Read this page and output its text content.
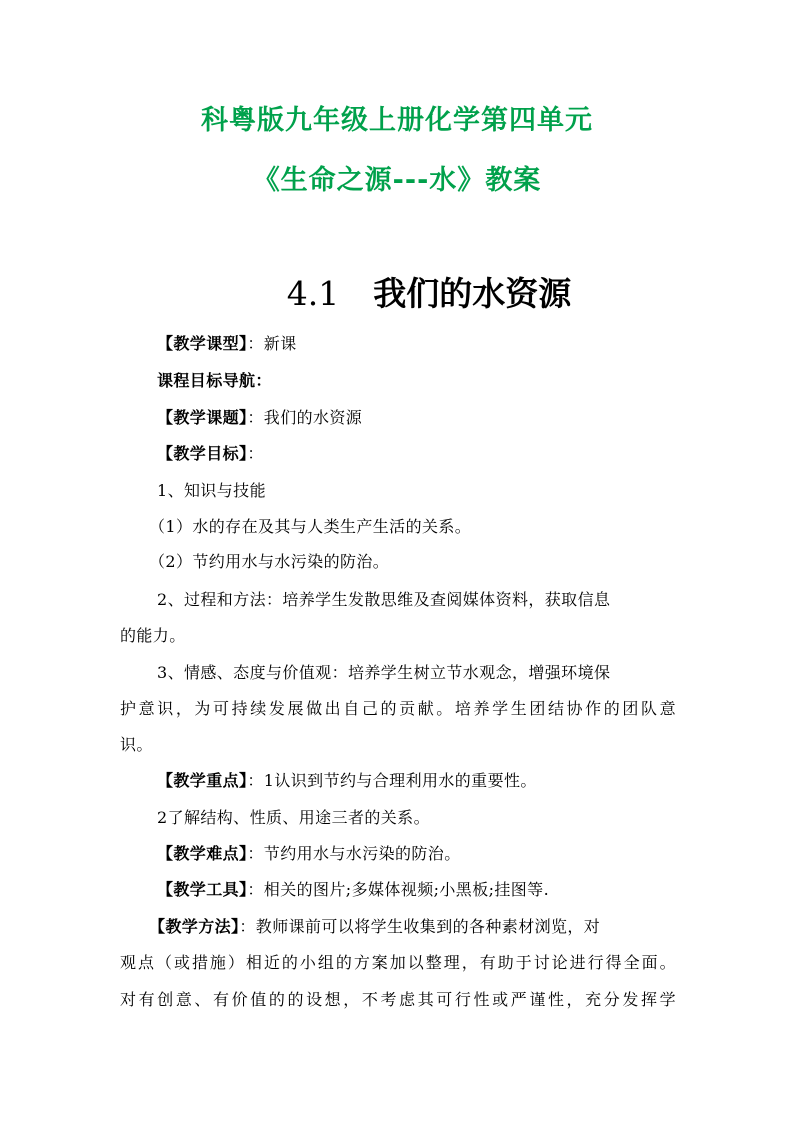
科粤版九年级上册化学第四单元
《生命之源---水》教案
4.1 我们的水资源
【教学课型】：新课
课程目标导航：
【教学课题】：我们的水资源
【教学目标】：
1、知识与技能
（1）水的存在及其与人类生产生活的关系。
（2）节约用水与水污染的防治。
2、过程和方法：培养学生发散思维及查阅媒体资料，获取信息
的能力。
3、情感、态度与价值观：培养学生树立节水观念，增强环境保
护意识，为可持续发展做出自己的贡献。培养学生团结协作的团队意
识。
【教学重点】：1认识到节约与合理利用水的重要性。
2了解结构、性质、用途三者的关系。
【教学难点】：节约用水与水污染的防治。
【教学工具】：相关的图片;多媒体视频;小黑板;挂图等.
【教学方法】：教师课前可以将学生收集到的各种素材浏览，对
观点（或措施）相近的小组的方案加以整理，有助于讨论进行得全面。
对有创意、有价值的的设想，不考虑其可行性或严谨性，充分发挥学
